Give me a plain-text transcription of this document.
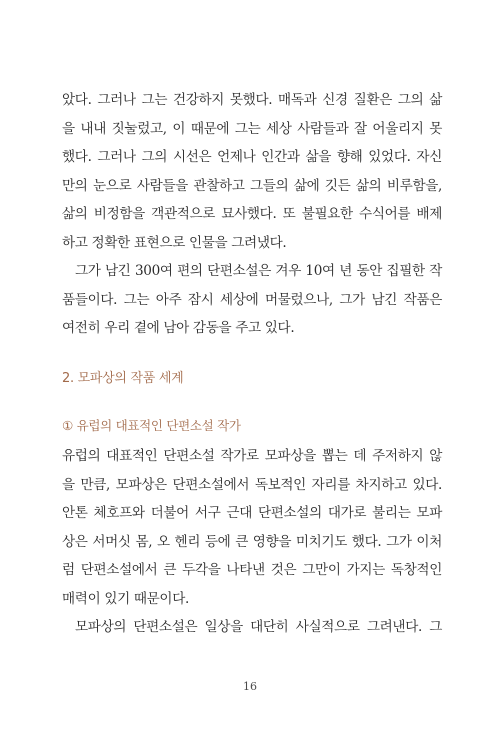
았다. 그러나 그는 건강하지 못했다. 매독과 신경 질환은 그의 삶
을 내내 짓눌렀고, 이 때문에 그는 세상 사람들과 잘 어울리지 못
했다. 그러나 그의 시선은 언제나 인간과 삶을 향해 있었다. 자신
만의 눈으로 사람들을 관찰하고 그들의 삶에 깃든 삶의 비루함을,
삶의 비정함을 객관적으로 묘사했다. 또 불필요한 수식어를 배제
하고 정확한 표현으로 인물을 그려냈다.
그가 남긴 300여 편의 단편소설은 겨우 10여 년 동안 집필한 작
품들이다. 그는 아주 잠시 세상에 머물렀으나, 그가 남긴 작품은
여전히 우리 곁에 남아 감동을 주고 있다.
2. 모파상의 작품 세계
① 유럽의 대표적인 단편소설 작가
유럽의 대표적인 단편소설 작가로 모파상을 뽑는 데 주저하지 않
을 만큼, 모파상은 단편소설에서 독보적인 자리를 차지하고 있다.
안톤 체호프와 더불어 서구 근대 단편소설의 대가로 불리는 모파
상은 서머싯 몸, 오 헨리 등에 큰 영향을 미치기도 했다. 그가 이처
럼 단편소설에서 큰 두각을 나타낸 것은 그만이 가지는 독창적인
매력이 있기 때문이다.
모파상의 단편소설은 일상을 대단히 사실적으로 그려낸다. 그
16
